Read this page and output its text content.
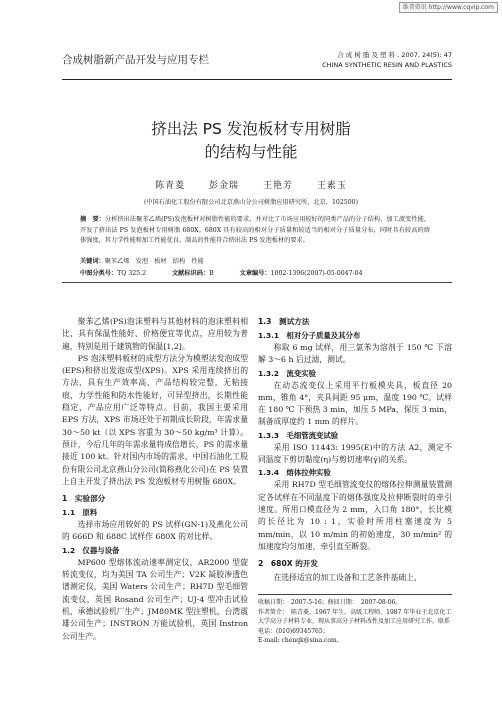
维普资讯 http://www.cqvip.com
合成树脂新产品开发与应用专栏	合 成 树 脂 及 塑 料 , 2007, 24(5): 47
CHINA SYNTHETIC RESIN AND PLASTICS
挤出法 PS 发泡板材专用树脂
的结构与性能
陈青菱	彭金瑞	王艳芳	王素玉
(中国石油化工股份有限公司北京燕山分公司树脂应用研究所，北京，102500)
摘　要：分析挤出法聚苯乙烯(PS)发泡板材对树脂性能的要求，并对比了市场应用较好的同类产品的分子结构、加工流变性能，开发了挤出法 PS 发泡板材专用树脂 680X。680X 具有较高的相对分子质量和较适当的相对分子质量分布，同时具有较高的熔体强度，其力学性能和加工性能优良，制品的性能符合挤出法 PS 发泡板材的要求。
关键词：聚苯乙烯　发泡　板材　结构　性能
中图分类号：TQ 325.2	文献标识码：B	文章编号：1002-1396(2007)-05-0047-04

聚苯乙烯(PS)泡沫塑料与其他材料的泡沫塑料相比，具有保温性能好、价格便宜等优点，应用较为普遍，特别是用于建筑物的保温[1,2]。

PS 泡沫塑料板材的成型方法分为模塑法发泡成型(EPS)和挤出发泡成型(XPS)。XPS 采用连续挤出的方法，具有生产效率高，产品结构较完整，无粘接痕，力学性能和防水性能好，可异型挤出，长期性能稳定，产品应用广泛等特点。目前，我国主要采用 EPS 方法，XPS 市场还处于初期成长阶段，年需求量 30～50 kt（以 XPS 容重为 30～50 kg/m³ 计算）。预计，今后几年的年需求量将成倍增长，PS 的需求量接近 100 kt。针对国内市场的需求，中国石油化工股份有限公司北京燕山分公司(简称燕化公司)在 PS 装置上自主开发了挤出法 PS 发泡板材专用树脂 680X。

1　实验部分
1.1　原料

选择市场应用较好的 PS 试样(GN-1)及燕化公司的 666D 和 688C 试样作 680X 的对比样。

1.2　仪器与设备

MP600 型熔体流动速率测定仪，AR2000 型旋转流变仪，均为美国 TA 公司生产；V2K 凝胶渗透色谱测定仪，美国 Waters 公司生产；RH7D 型毛细管流变仪，英国 Rosand 公司生产；UJ-4 型冲击试验机，承德试验机厂生产；JM80MK 型注塑机，台湾震雄公司生产；INSTRON 万能试验机，英国 Instron 公司生产。

1.3　测试方法
1.3.1　相对分子质量及其分布

称取 6 mg 试样，用三氯苯为溶剂于 150 ℃ 下溶解 3～6 h 后过滤，测试。

1.3.2　流变实验

在动态流变仪上采用平行板模夹具，板直径 20 mm，锥角 4°，夹具间距 95 μm，温度 190 ℃。试样在 180 ℃ 下预热 3 min，加压 5 MPa，保压 3 min，制备成厚度约 1 mm 的样片。

1.3.3　毛细管流变试验

采用 ISO 11443: 1995(E)中的方法 A2，测定不同温度下剪切黏度(η)与剪切速率(γ̇)的关系。

1.3.4　熔体拉伸实验

采用 RH7D 型毛细管流变仪的熔体拉伸测量装置测定各试样在不同温度下的熔体强度及拉伸断裂时的牵引速度。所用口模直径为 2 mm，入口角 180°，长比模的长径比为 10 : 1，实验时所用柱塞速度为 5 mm/min，以 10 m/min 的初始速度，30 m/min² 的加速度均匀加速，牵引直至断裂。

2　680X 的开发

在选择适宜的加工设备和工艺条件基础上，

收稿日期：　2007-5-16；修回日期：　2007-08-06。

作者简介：　陈青菱，1967 年生，高级工程师，1987 年毕业于北京化工大学高分子材料专业，现从事高分子材料改性及加工应用研究工作。联系电话：(010)69345765；

E-mail: chenqk@sina.com。
